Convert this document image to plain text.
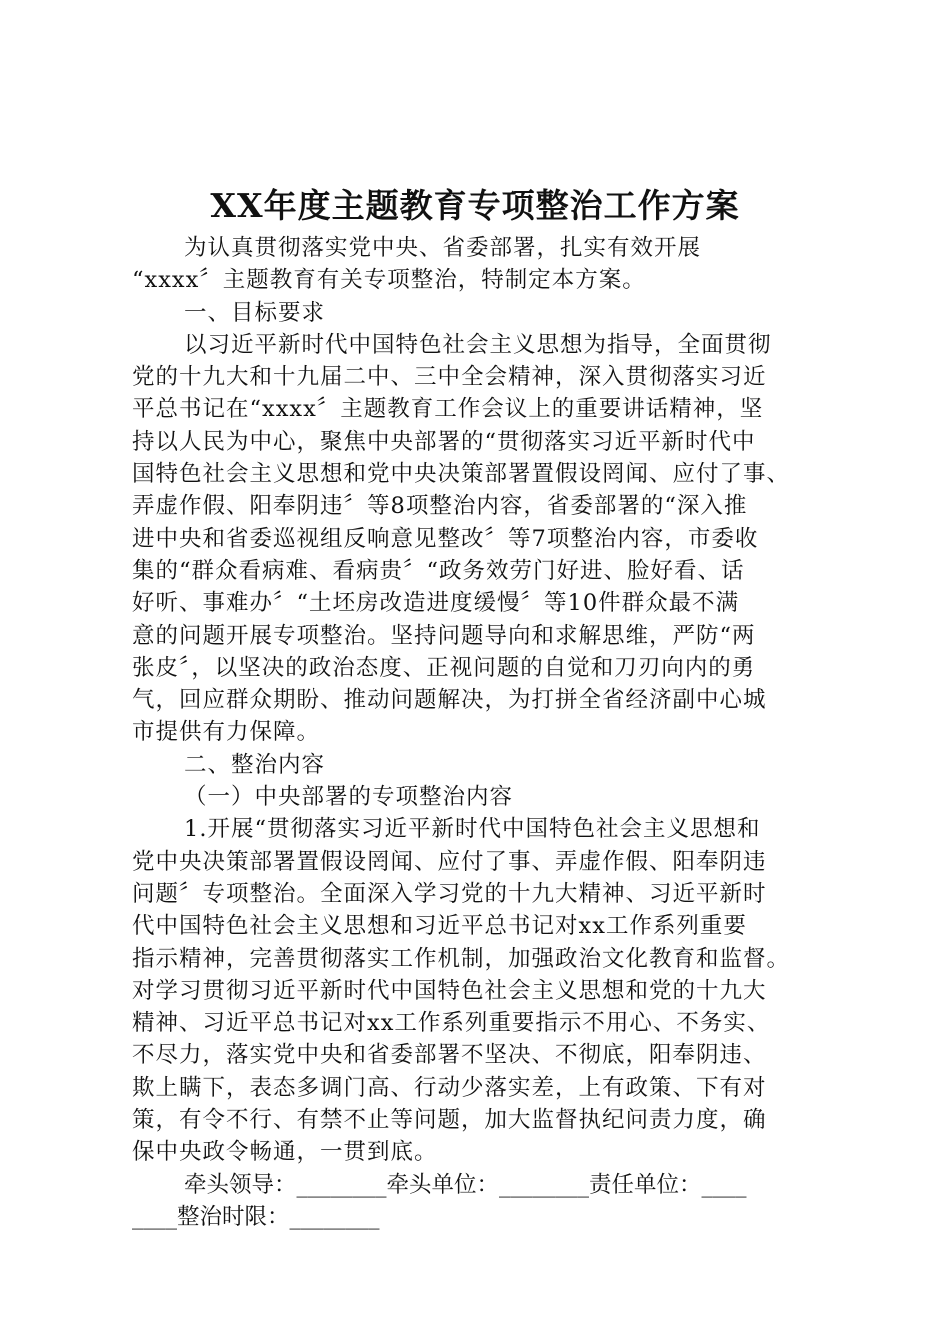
XX年度主题教育专项整治工作方案
为认真贯彻落实党中央、省委部署，扎实有效开展
“xxxx〞主题教育有关专项整治，特制定本方案。
一、目标要求
以习近平新时代中国特色社会主义思想为指导，全面贯彻
党的十九大和十九届二中、三中全会精神，深入贯彻落实习近
平总书记在“xxxx〞主题教育工作会议上的重要讲话精神，坚
持以人民为中心，聚焦中央部署的“贯彻落实习近平新时代中
国特色社会主义思想和党中央决策部署置假设罔闻、应付了事、
弄虚作假、阳奉阴违〞等8项整治内容，省委部署的“深入推
进中央和省委巡视组反响意见整改〞等7项整治内容，市委收
集的“群众看病难、看病贵〞“政务效劳门好进、脸好看、话
好听、事难办〞“土坯房改造进度缓慢〞等10件群众最不满
意的问题开展专项整治。坚持问题导向和求解思维，严防“两
张皮〞，以坚决的政治态度、正视问题的自觉和刀刃向内的勇
气，回应群众期盼、推动问题解决，为打拼全省经济副中心城
市提供有力保障。
二、整治内容
（一）中央部署的专项整治内容
1.开展“贯彻落实习近平新时代中国特色社会主义思想和
党中央决策部署置假设罔闻、应付了事、弄虚作假、阳奉阴违
问题〞专项整治。全面深入学习党的十九大精神、习近平新时
代中国特色社会主义思想和习近平总书记对xx工作系列重要
指示精神，完善贯彻落实工作机制，加强政治文化教育和监督。
对学习贯彻习近平新时代中国特色社会主义思想和党的十九大
精神、习近平总书记对xx工作系列重要指示不用心、不务实、
不尽力，落实党中央和省委部署不坚决、不彻底，阳奉阴违、
欺上瞒下，表态多调门高、行动少落实差，上有政策、下有对
策，有令不行、有禁不止等问题，加大监督执纪问责力度，确
保中央政令畅通，一贯到底。
牵头领导：________牵头单位：________责任单位：____
____整治时限：________
